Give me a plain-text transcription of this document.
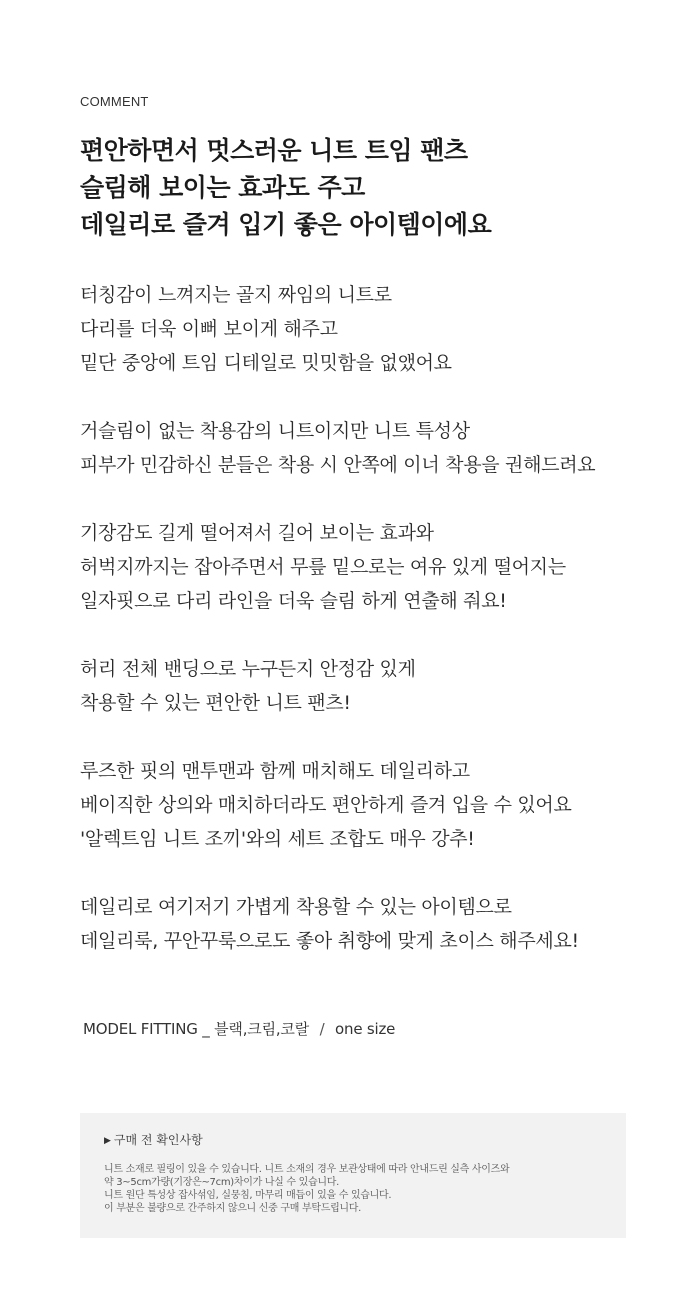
COMMENT
편안하면서 멋스러운 니트 트임 팬츠
슬림해 보이는 효과도 주고
데일리로 즐겨 입기 좋은 아이템이에요
터칭감이 느껴지는 골지 짜임의 니트로
다리를 더욱 이뻐 보이게 해주고
밑단 중앙에 트임 디테일로 밋밋함을 없앴어요
거슬림이 없는 착용감의 니트이지만 니트 특성상
피부가 민감하신 분들은 착용 시 안쪽에 이너 착용을 권해드려요
기장감도 길게 떨어져서 길어 보이는 효과와
허벅지까지는 잡아주면서 무릎 밑으로는 여유 있게 떨어지는
일자핏으로 다리 라인을 더욱 슬림 하게 연출해 줘요!
허리 전체 밴딩으로 누구든지 안정감 있게
착용할 수 있는 편안한 니트 팬츠!
루즈한 핏의 맨투맨과 함께 매치해도 데일리하고
베이직한 상의와 매치하더라도 편안하게 즐겨 입을 수 있어요
'알렉트임 니트 조끼'와의 세트 조합도 매우 강추!
데일리로 여기저기 가볍게 착용할 수 있는 아이템으로
데일리룩, 꾸안꾸룩으로도 좋아 취향에 맞게 초이스 해주세요!
MODEL FITTING _ 블랙,크림,코랄 / one size
▶ 구매 전 확인사항
니트 소재로 필링이 있을 수 있습니다. 니트 소재의 경우 보관상태에 따라 안내드린 실측 사이즈와
약 3~5cm가량(기장은~7cm)차이가 나실 수 있습니다.
니트 원단 특성상 잡사섞임, 실뭉침, 마무리 매듭이 있을 수 있습니다.
이 부분은 불량으로 간주하지 않으니 신중 구매 부탁드립니다.
